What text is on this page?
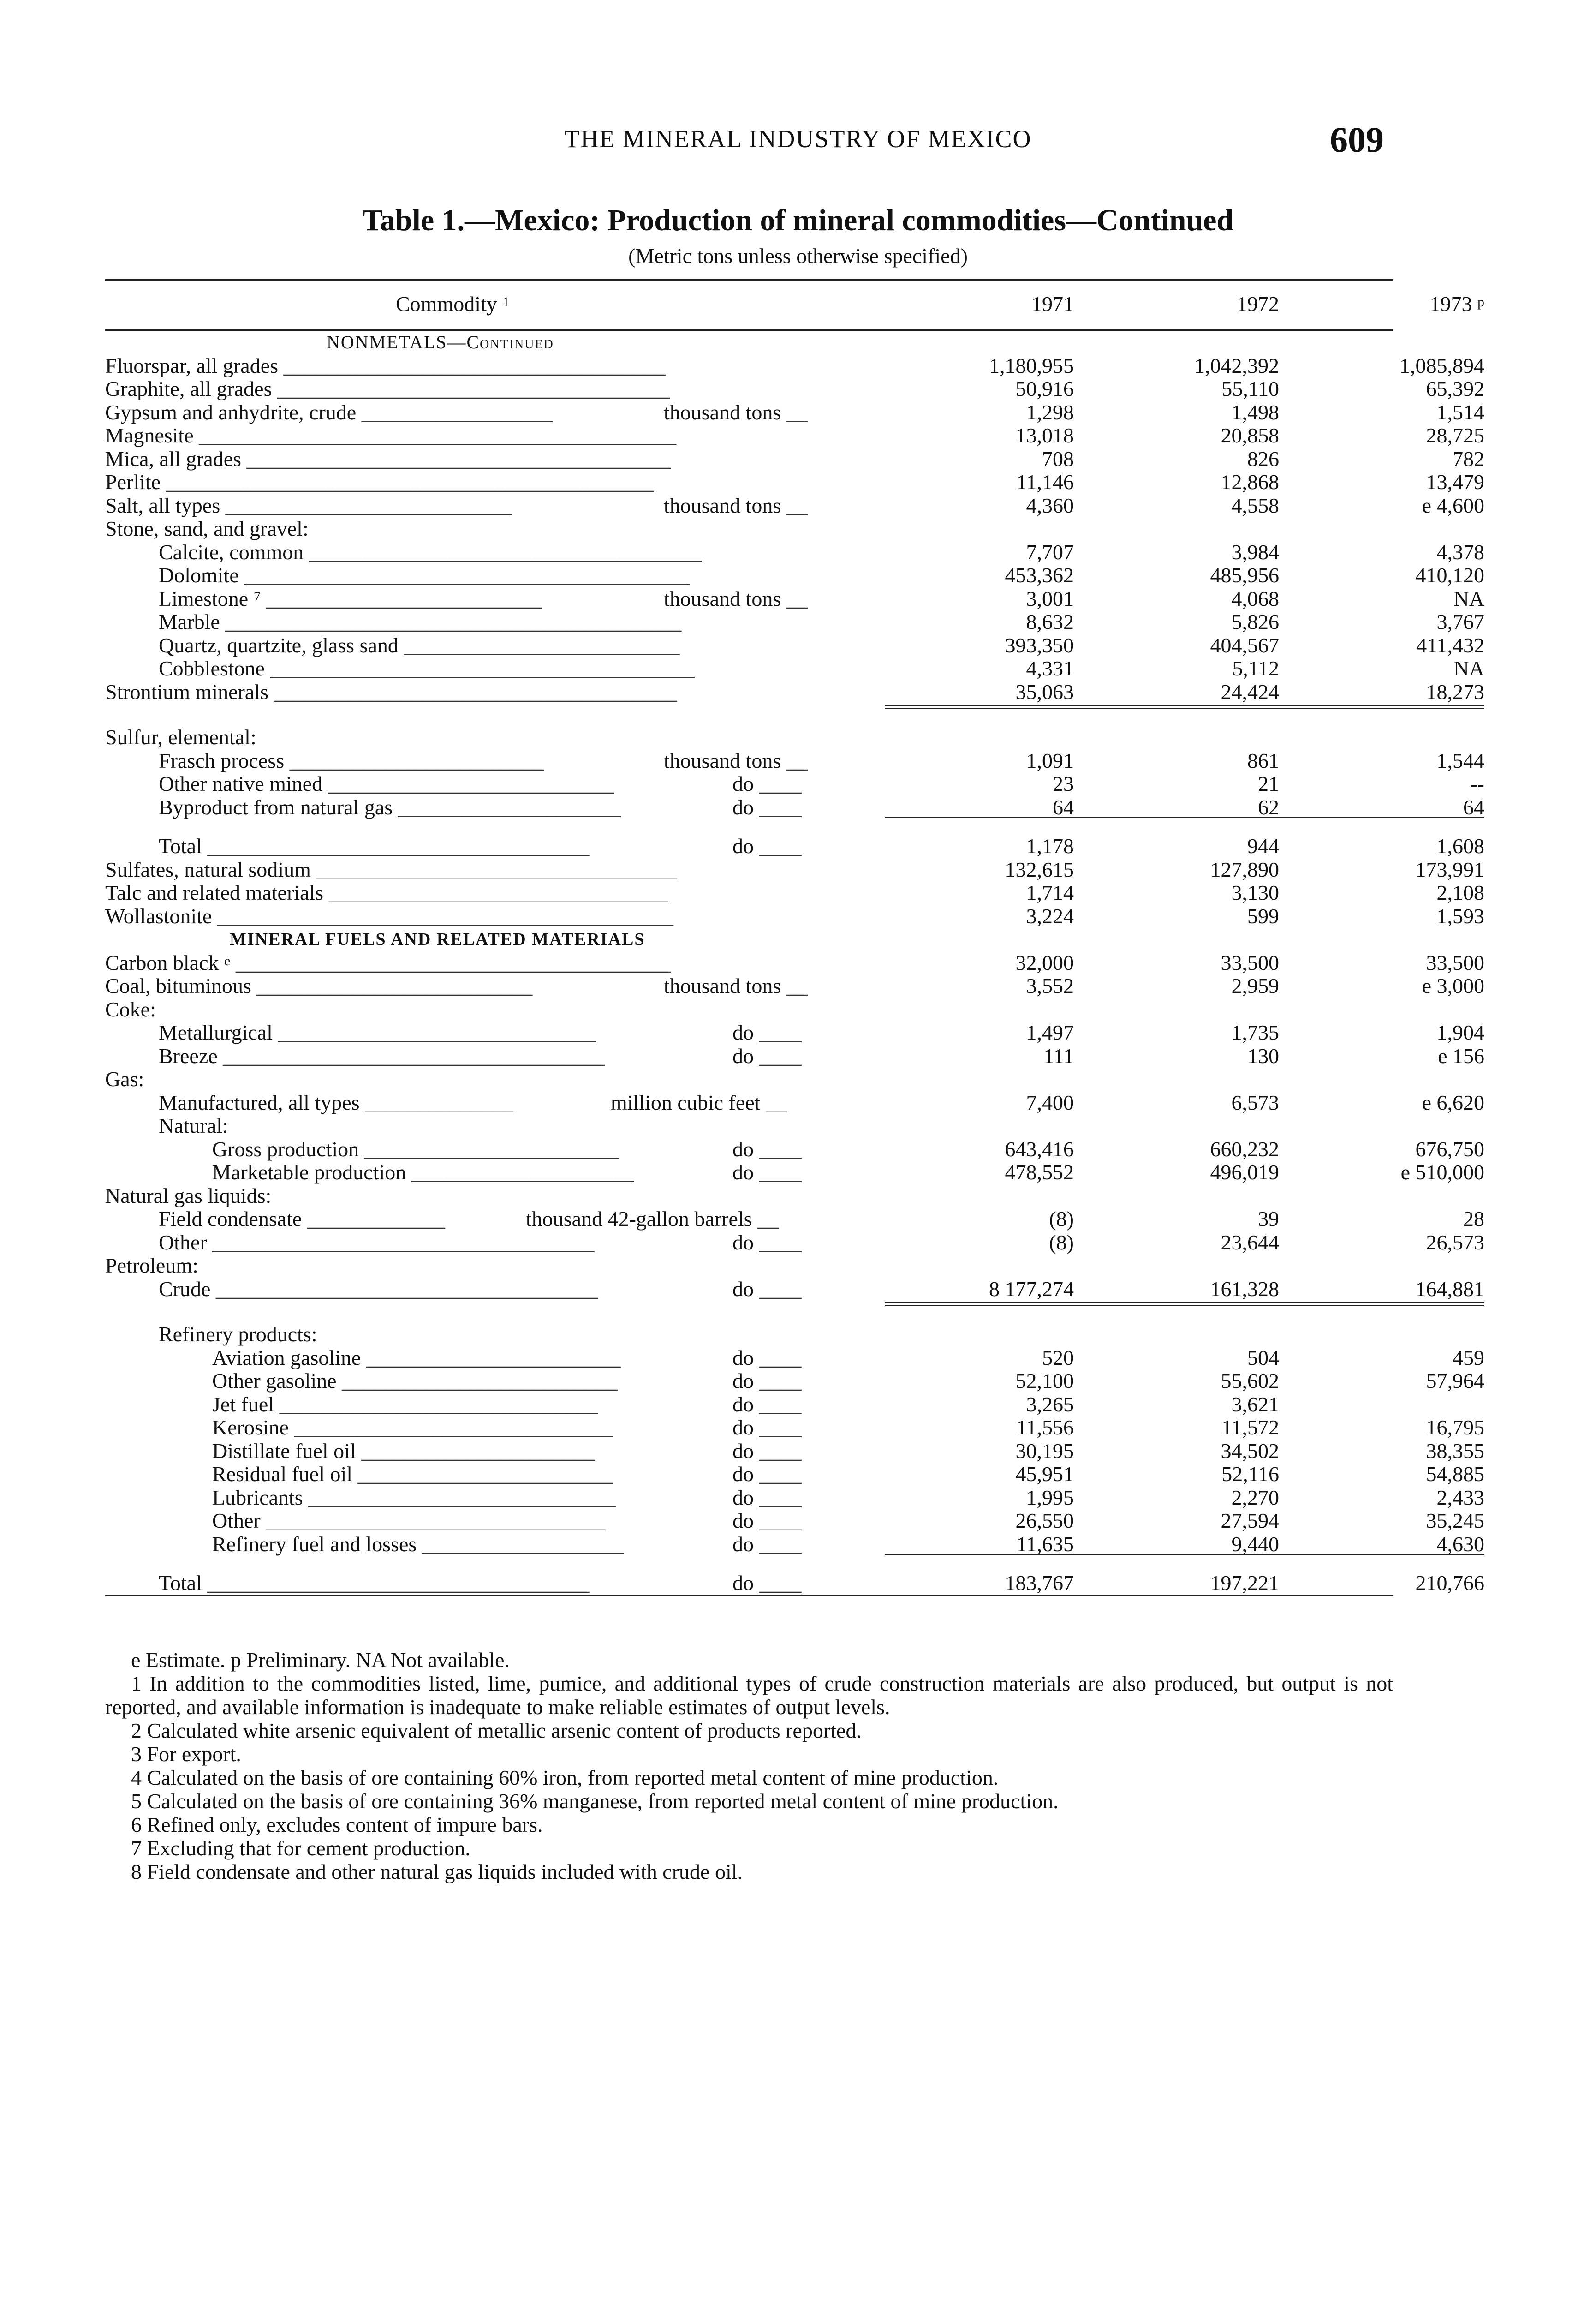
THE MINERAL INDUSTRY OF MEXICO	609
Table 1.—Mexico: Production of mineral commodities—Continued
(Metric tons unless otherwise specified)
Commodity $^1$	1971	1972	1973 $^p$
NONMETALS—Continued
Fluorspar, all grades ____________________________________	1,180,955	1,042,392	1,085,894
Graphite, all grades _____________________________________	50,916	55,110	65,392
Gypsum and anhydrite, crude __________________	thousand tons __	1,298	1,498	1,514
Magnesite _____________________________________________	13,018	20,858	28,725
Mica, all grades ________________________________________	708	826	782
Perlite ______________________________________________	11,146	12,868	13,479
Salt, all types ___________________________	thousand tons __	4,360	4,558	e 4,600
Stone, sand, and gravel:
Calcite, common _____________________________________	7,707	3,984	4,378
Dolomite __________________________________________	453,362	485,956	410,120
Limestone $^7$ __________________________	thousand tons __	3,001	4,068	NA
Marble ___________________________________________	8,632	5,826	3,767
Quartz, quartzite, glass sand __________________________	393,350	404,567	411,432
Cobblestone ________________________________________	4,331	5,112	NA
Strontium minerals ______________________________________	35,063	24,424	18,273
Sulfur, elemental:
Frasch process ________________________	thousand tons __	1,091	861	1,544
Other native mined ___________________________	do ____	23	21	--
Byproduct from natural gas _____________________	do ____	64	62	64
Total ____________________________________	do ____	1,178	944	1,608
Sulfates, natural sodium __________________________________	132,615	127,890	173,991
Talc and related materials ________________________________	1,714	3,130	2,108
Wollastonite ___________________________________________	3,224	599	1,593
MINERAL FUELS AND RELATED MATERIALS
Carbon black $^e$ _________________________________________	32,000	33,500	33,500
Coal, bituminous __________________________	thousand tons __	3,552	2,959	e 3,000
Coke:
Metallurgical ______________________________	do ____	1,497	1,735	1,904
Breeze ____________________________________	do ____	111	130	e 156
Gas:
Manufactured, all types ______________	million cubic feet __	7,400	6,573	e 6,620
Natural:
Gross production ________________________	do ____	643,416	660,232	676,750
Marketable production _____________________	do ____	478,552	496,019	e 510,000
Natural gas liquids:
Field condensate _____________	thousand 42-gallon barrels __	(8)	39	28
Other ____________________________________	do ____	(8)	23,644	26,573
Petroleum:
Crude ____________________________________	do ____	8 177,274	161,328	164,881
Refinery products:
Aviation gasoline ________________________	do ____	520	504	459
Other gasoline __________________________	do ____	52,100	55,602	57,964
Jet fuel ______________________________	do ____	3,265	3,621
Kerosine ______________________________	do ____	11,556	11,572	16,795
Distillate fuel oil ______________________	do ____	30,195	34,502	38,355
Residual fuel oil ________________________	do ____	45,951	52,116	54,885
Lubricants _____________________________	do ____	1,995	2,270	2,433
Other ________________________________	do ____	26,550	27,594	35,245
Refinery fuel and losses ___________________	do ____	11,635	9,440	4,630
Total ____________________________________	do ____	183,767	197,221	210,766
e Estimate. p Preliminary. NA Not available.
1 In addition to the commodities listed, lime, pumice, and additional types of crude construction materials are also produced, but output is not reported, and available information is inadequate to make reliable estimates of output levels.
2 Calculated white arsenic equivalent of metallic arsenic content of products reported.
3 For export.
4 Calculated on the basis of ore containing 60% iron, from reported metal content of mine production.
5 Calculated on the basis of ore containing 36% manganese, from reported metal content of mine production.
6 Refined only, excludes content of impure bars.
7 Excluding that for cement production.
8 Field condensate and other natural gas liquids included with crude oil.
